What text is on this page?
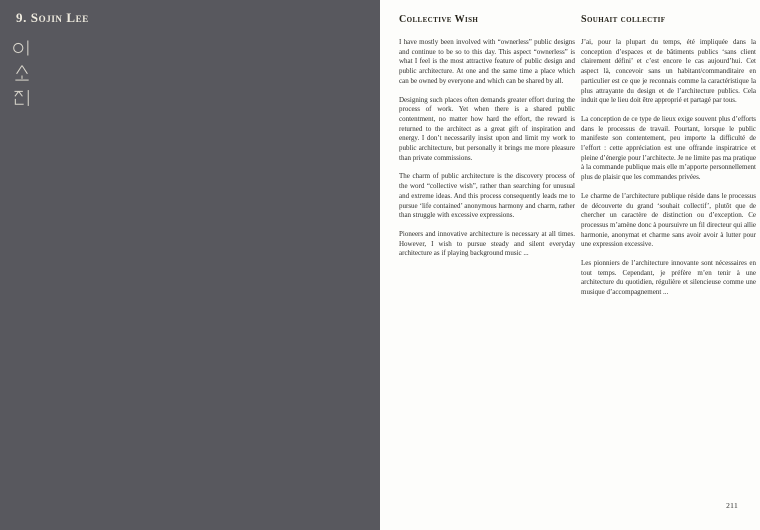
9. Sojin Lee	Collective Wish

I have mostly been involved with “ownerless” public designs and continue to be so to this day. This aspect “ownerless” is what I feel is the most attractive feature of public design and public architecture. At one and the same time a place which can be owned by everyone and which can be shared by all.

Designing such places often demands greater effort during the process of work. Yet when there is a shared public contentment, no matter how hard the effort, the reward is returned to the architect as a great gift of inspiration and energy. I don’t necessarily insist upon and limit my work to public architecture, but personally it brings me more pleasure than private commissions.

The charm of public architecture is the discovery process of the word “collective wish”, rather than searching for unusual and extreme ideas. And this process consequently leads me to pursue ‘life contained’ anonymous harmony and charm, rather than struggle with excessive expressions.

Pioneers and innovative architecture is necessary at all times. However, I wish to pursue steady and silent everyday architecture as if playing background music ...

Souhait collectif

J’ai, pour la plupart du temps, été impliquée dans la conception d’espaces et de bâtiments publics ‘sans client clairement défini’ et c’est encore le cas aujourd’hui. Cet aspect là, concevoir sans un habitant/commanditaire en particulier est ce que je reconnais comme la caractéristique la plus attrayante du design et de l’architecture publics. Cela induit que le lieu doit être approprié et partagé par tous.

La conception de ce type de lieux exige souvent plus d’efforts dans le processus de travail. Pourtant, lorsque le public manifeste son contentement, peu importe la difficulté de l’effort : cette appréciation est une offrande inspiratrice et pleine d’énergie pour l’architecte. Je ne limite pas ma pratique à la commande publique mais elle m’apporte personnellement plus de plaisir que les commandes privées.

Le charme de l’architecture publique réside dans le processus de découverte du grand ‘souhait collectif’, plutôt que de chercher un caractère de distinction ou d’exception. Ce processus m’amène donc à poursuivre un fil directeur qui allie harmonie, anonymat et charme sans avoir avoir à lutter pour une expression excessive.

Les pionniers de l’architecture innovante sont nécessaires en tout temps. Cependant, je préfère m’en tenir à une architecture du quotidien, régulière et silencieuse comme une musique d’accompagnement ...

211
